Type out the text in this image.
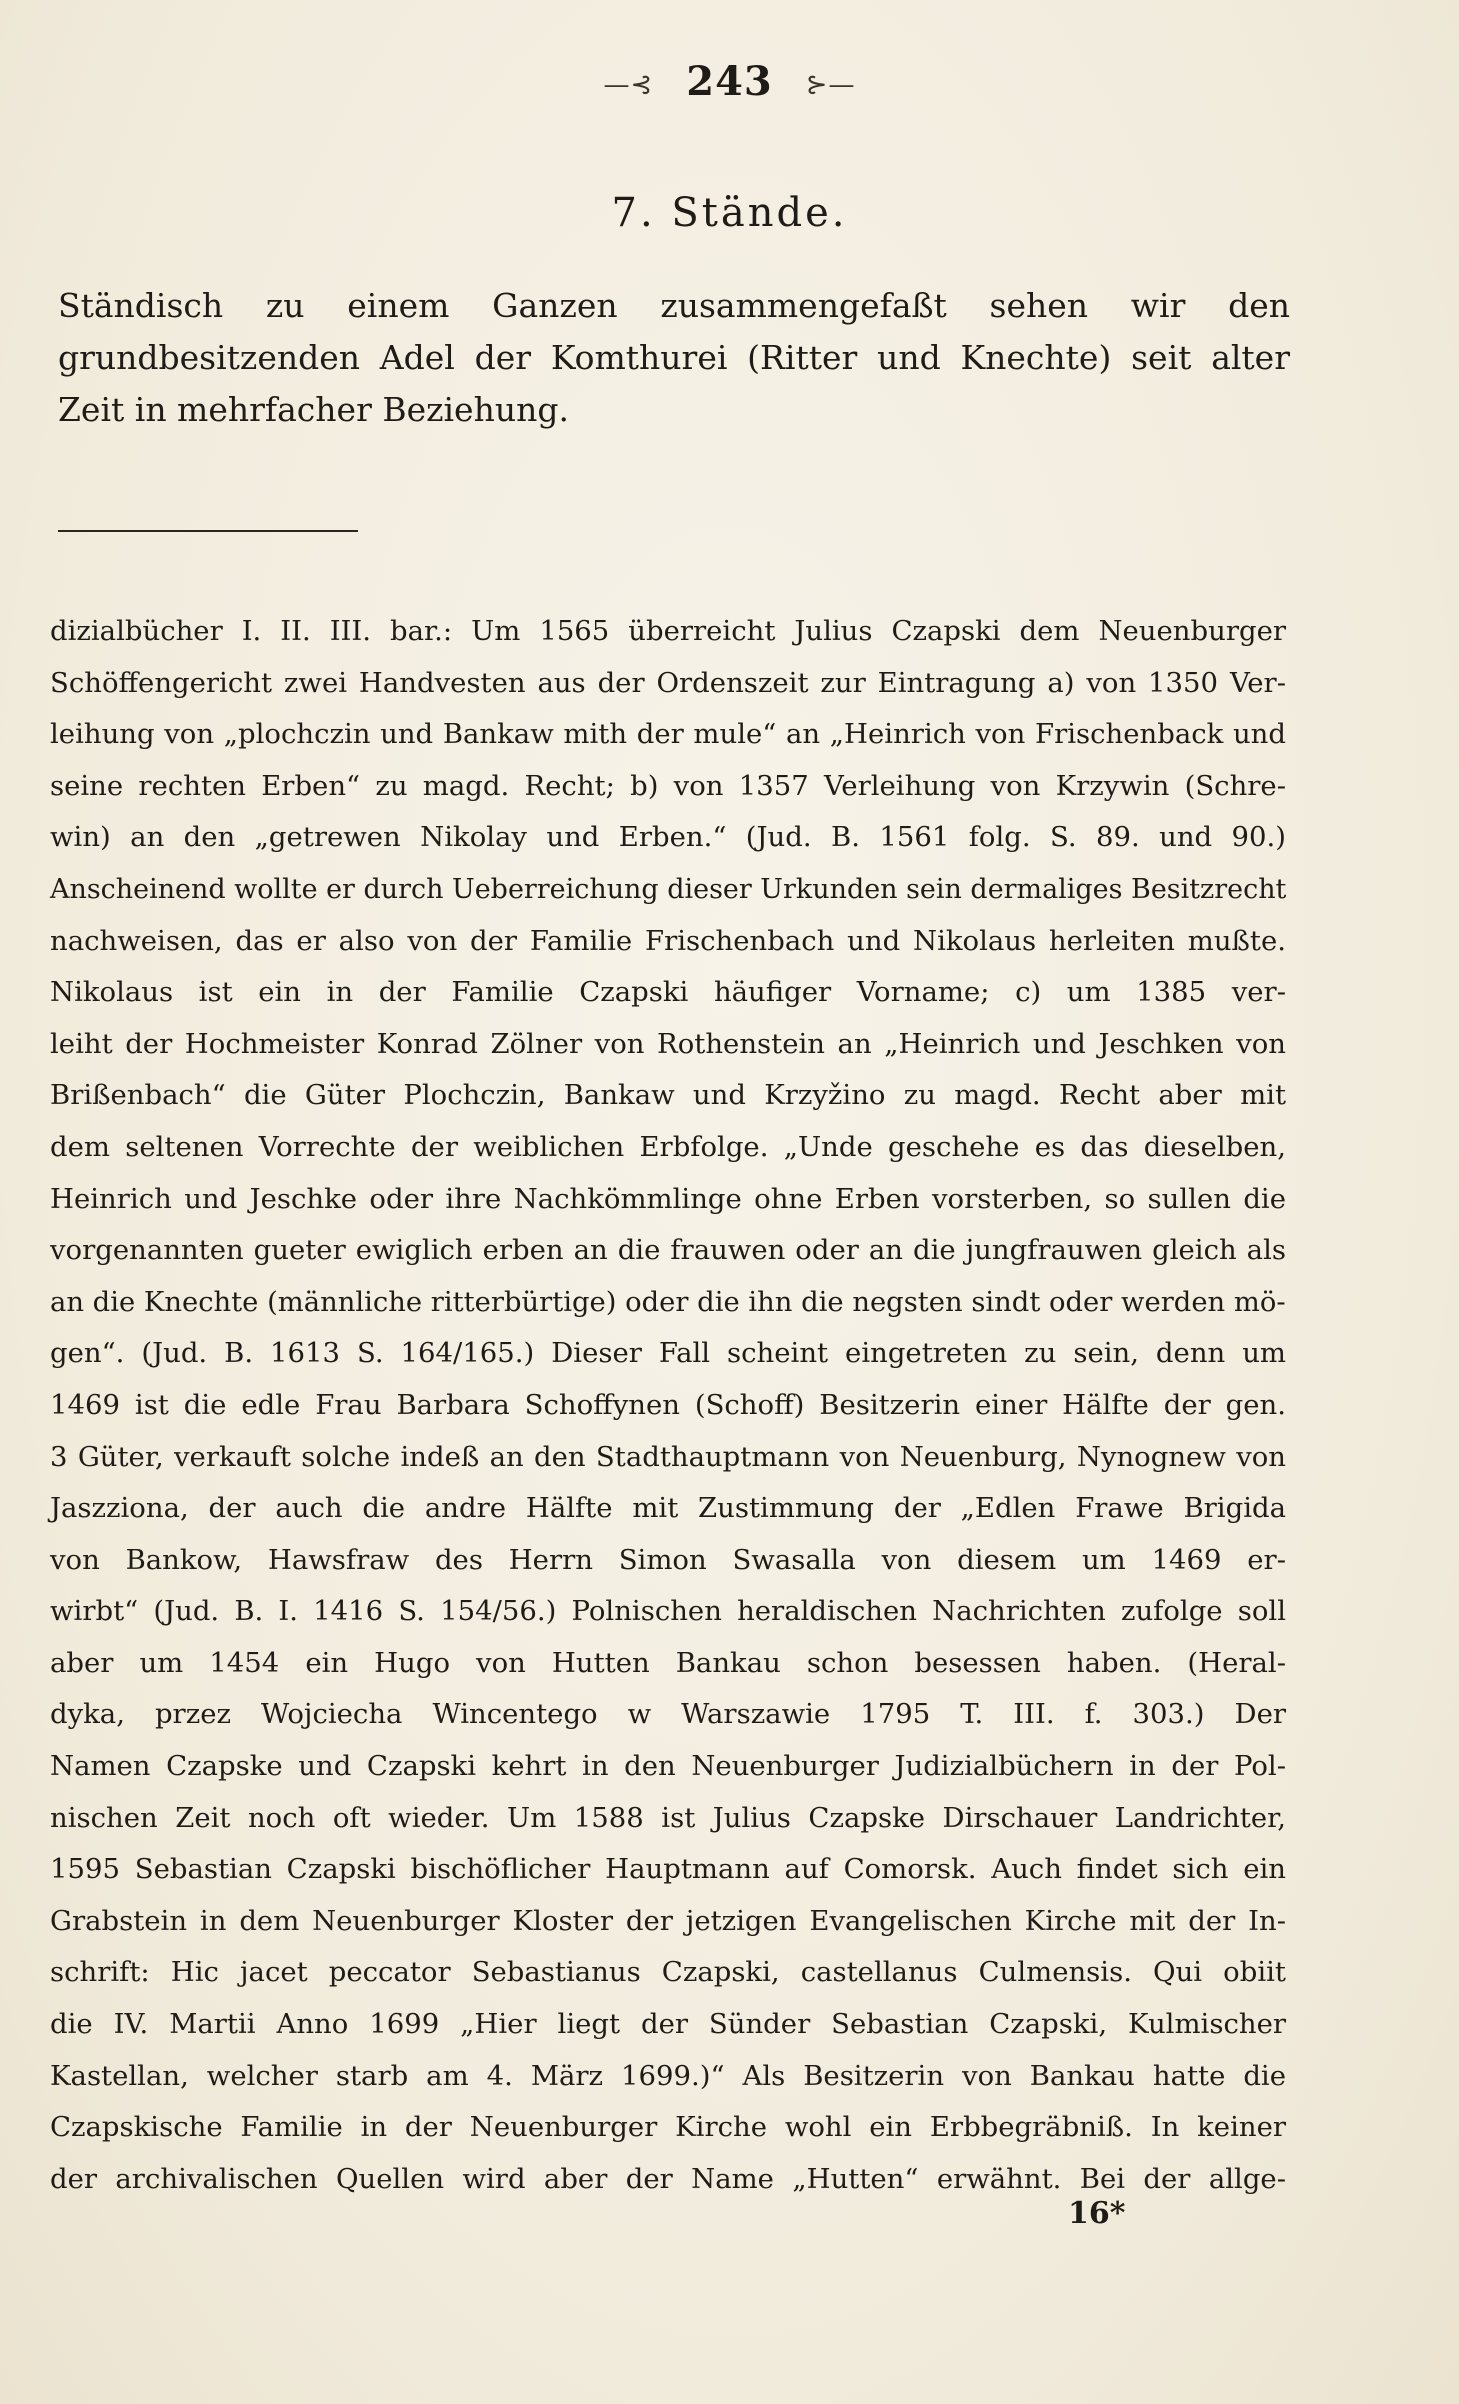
—⊰ 243 ⊱—
7. Stände.
Ständisch zu einem Ganzen zusammengefaßt sehen wir den grundbesitzenden Adel der Komthurei (Ritter und Knechte) seit alter Zeit in mehrfacher Beziehung.
dizialbücher I. II. III. bar.: Um 1565 überreicht Julius Czapski dem Neuenburger
Schöffengericht zwei Handvesten aus der Ordenszeit zur Eintragung a) von 1350 Ver-
leihung von „plochczin und Bankaw mith der mule“ an „Heinrich von Frischenback und
seine rechten Erben“ zu magd. Recht; b) von 1357 Verleihung von Krzywin (Schre-
win) an den „getrewen Nikolay und Erben.“ (Jud. B. 1561 folg. S. 89. und 90.)
Anscheinend wollte er durch Ueberreichung dieser Urkunden sein dermaliges Besitzrecht
nachweisen, das er also von der Familie Frischenbach und Nikolaus herleiten mußte.
Nikolaus ist ein in der Familie Czapski häufiger Vorname; c) um 1385 ver-
leiht der Hochmeister Konrad Zölner von Rothenstein an „Heinrich und Jeschken von
Brißenbach“ die Güter Plochczin, Bankaw und Krzyžino zu magd. Recht aber mit
dem seltenen Vorrechte der weiblichen Erbfolge. „Unde geschehe es das dieselben,
Heinrich und Jeschke oder ihre Nachkömmlinge ohne Erben vorsterben, so sullen die
vorgenannten gueter ewiglich erben an die frauwen oder an die jungfrauwen gleich als
an die Knechte (männliche ritterbürtige) oder die ihn die negsten sindt oder werden mö-
gen“. (Jud. B. 1613 S. 164/165.) Dieser Fall scheint eingetreten zu sein, denn um
1469 ist die edle Frau Barbara Schoffynen (Schoff) Besitzerin einer Hälfte der gen.
3 Güter, verkauft solche indeß an den Stadthauptmann von Neuenburg, Nynognew von
Jaszziona, der auch die andre Hälfte mit Zustimmung der „Edlen Frawe Brigida
von Bankow, Hawsfraw des Herrn Simon Swasalla von diesem um 1469 er-
wirbt“ (Jud. B. I. 1416 S. 154/56.) Polnischen heraldischen Nachrichten zufolge soll
aber um 1454 ein Hugo von Hutten Bankau schon besessen haben. (Heral-
dyka, przez Wojciecha Wincentego w Warszawie 1795 T. III. f. 303.) Der
Namen Czapske und Czapski kehrt in den Neuenburger Judizialbüchern in der Pol-
nischen Zeit noch oft wieder. Um 1588 ist Julius Czapske Dirschauer Landrichter,
1595 Sebastian Czapski bischöflicher Hauptmann auf Comorsk. Auch findet sich ein
Grabstein in dem Neuenburger Kloster der jetzigen Evangelischen Kirche mit der In-
schrift: Hic jacet peccator Sebastianus Czapski, castellanus Culmensis. Qui obiit
die IV. Martii Anno 1699 „Hier liegt der Sünder Sebastian Czapski, Kulmischer
Kastellan, welcher starb am 4. März 1699.)“ Als Besitzerin von Bankau hatte die
Czapskische Familie in der Neuenburger Kirche wohl ein Erbbegräbniß. In keiner
der archivalischen Quellen wird aber der Name „Hutten“ erwähnt. Bei der allge-
16*
